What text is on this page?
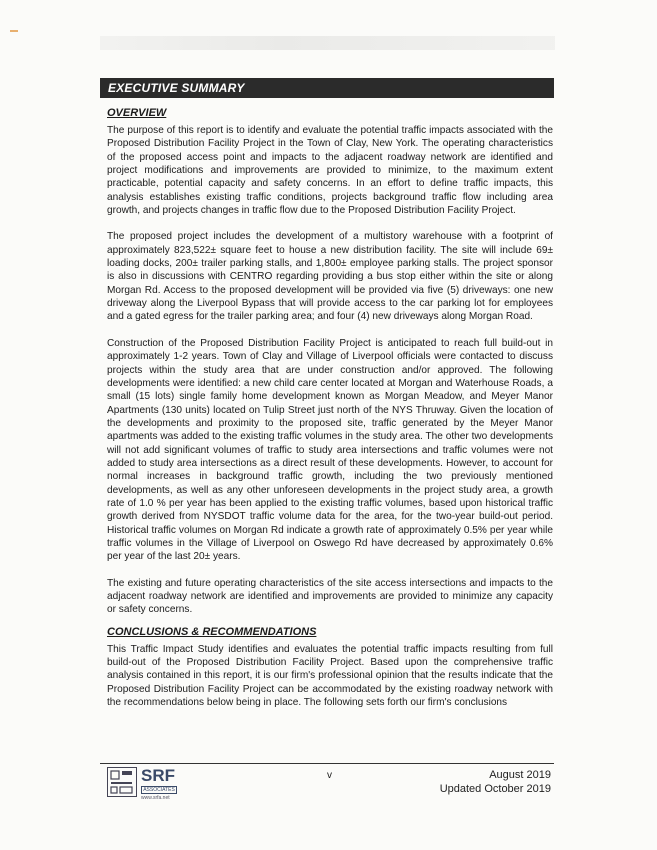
EXECUTIVE SUMMARY
OVERVIEW

The purpose of this report is to identify and evaluate the potential traffic impacts associated with the Proposed Distribution Facility Project in the Town of Clay, New York. The operating characteristics of the proposed access point and impacts to the adjacent roadway network are identified and project modifications and improvements are provided to minimize, to the maximum extent practicable, potential capacity and safety concerns. In an effort to define traffic impacts, this analysis establishes existing traffic conditions, projects background traffic flow including area growth, and projects changes in traffic flow due to the Proposed Distribution Facility Project.

The proposed project includes the development of a multistory warehouse with a footprint of approximately 823,522± square feet to house a new distribution facility. The site will include 69± loading docks, 200± trailer parking stalls, and 1,800± employee parking stalls. The project sponsor is also in discussions with CENTRO regarding providing a bus stop either within the site or along Morgan Rd. Access to the proposed development will be provided via five (5) driveways: one new driveway along the Liverpool Bypass that will provide access to the car parking lot for employees and a gated egress for the trailer parking area; and four (4) new driveways along Morgan Road.

Construction of the Proposed Distribution Facility Project is anticipated to reach full build-out in approximately 1-2 years. Town of Clay and Village of Liverpool officials were contacted to discuss projects within the study area that are under construction and/or approved. The following developments were identified: a new child care center located at Morgan and Waterhouse Roads, a small (15 lots) single family home development known as Morgan Meadow, and Meyer Manor Apartments (130 units) located on Tulip Street just north of the NYS Thruway. Given the location of the developments and proximity to the proposed site, traffic generated by the Meyer Manor apartments was added to the existing traffic volumes in the study area. The other two developments will not add significant volumes of traffic to study area intersections and traffic volumes were not added to study area intersections as a direct result of these developments. However, to account for normal increases in background traffic growth, including the two previously mentioned developments, as well as any other unforeseen developments in the project study area, a growth rate of 1.0 % per year has been applied to the existing traffic volumes, based upon historical traffic growth derived from NYSDOT traffic volume data for the area, for the two-year build-out period. Historical traffic volumes on Morgan Rd indicate a growth rate of approximately 0.5% per year while traffic volumes in the Village of Liverpool on Oswego Rd have decreased by approximately 0.6% per year of the last 20± years.

The existing and future operating characteristics of the site access intersections and impacts to the adjacent roadway network are identified and improvements are provided to minimize any capacity or safety concerns.

CONCLUSIONS & RECOMMENDATIONS

This Traffic Impact Study identifies and evaluates the potential traffic impacts resulting from full build-out of the Proposed Distribution Facility Project. Based upon the comprehensive traffic analysis contained in this report, it is our firm's professional opinion that the results indicate that the Proposed Distribution Facility Project can be accommodated by the existing roadway network with the recommendations below being in place. The following sets forth our firm's conclusions

SRF
ASSOCIATES
www.srfa.net
v	August 2019
Updated October 2019
